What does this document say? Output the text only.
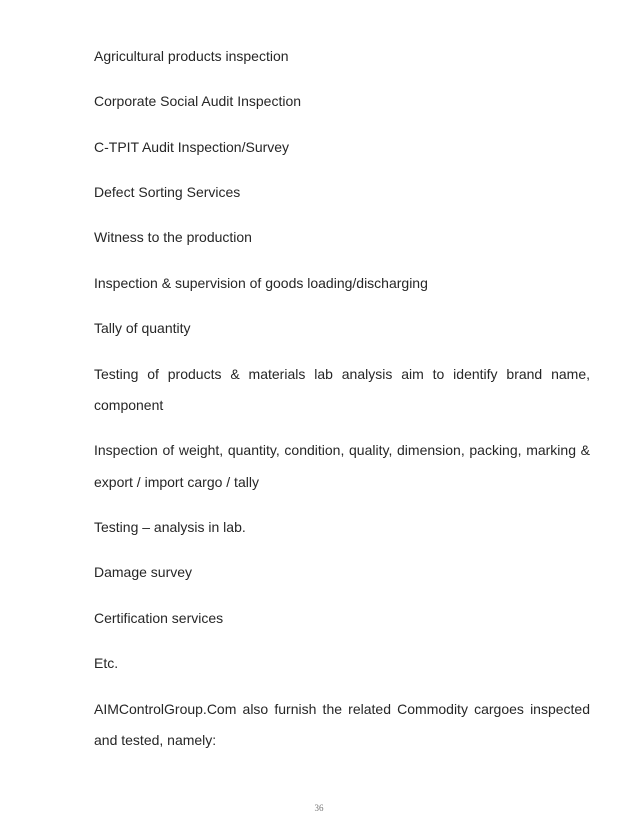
Agricultural products inspection
Corporate Social Audit Inspection
C-TPIT Audit Inspection/Survey
Defect Sorting Services
Witness to the production
Inspection & supervision of goods loading/discharging
Tally of quantity
Testing of products & materials lab analysis aim to identify brand name,
component
Inspection of weight, quantity, condition, quality, dimension, packing, marking &
export / import cargo / tally
Testing – analysis in lab.
Damage survey
Certification services
Etc.
AIMControlGroup.Com also furnish the related Commodity cargoes inspected
and tested, namely:
36
